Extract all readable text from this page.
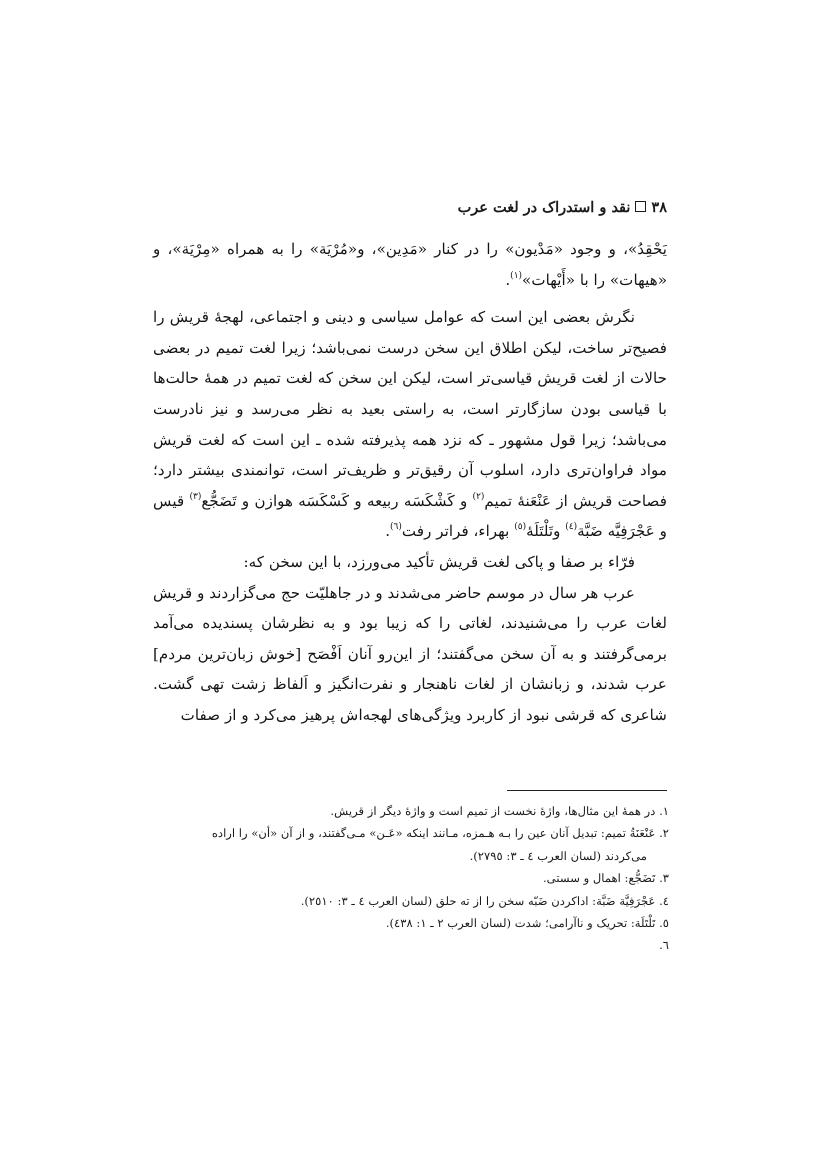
۳۸نقد و استدراک در لغت عرب

يَحْقِدُ»، و وجود «مَدْيون» را در کنار «مَدِين»، و«مُرْيَة» را به همراه «مِرْيَة»، و «هيهات» را با «أَيْهات»$^{(١)}$.

نگرش بعضی این است که عوامل سیاسی و دینی و اجتماعی، لهجهٔ قریش را فصیح‌تر ساخت، لیکن اطلاق این سخن درست نمی‌باشد؛ زیرا لغت تمیم در بعضی حالات از لغت قریش قیاسی‌تر است، لیکن این سخن که لغت تمیم در همهٔ حالت‌ها با قیاسی بودن سازگارتر است، به راستی بعید به نظر می‌رسد و نیز نادرست می‌باشد؛ زیرا قول مشهور ـ که نزد همه پذیرفته شده ـ این است که لغت قریش مواد فراوان‌تری دارد، اسلوب آن رقیق‌تر و ظریف‌تر است، توانمندی بیشتر دارد؛ فصاحت قریش از عَنْعَنهٔ تمیم$^{(٢)}$ و کَشْکَسَه ربیعه و کَسْکَسَه هوازن و تَضَجُّع$^{(٣)}$ قیس و عَجْرَفِيَّه ضَبَّة$^{(٤)}$ وتَلْتَلَهٔ$^{(٥)}$ بهراء، فراتر رفت$^{(٦)}$.

فرّاء بر صفا و پاکی لغت قریش تأکید می‌ورزد، با این سخن که:

عرب هر سال در موسم حاضر می‌شدند و در جاهلیّت حج می‌گزاردند و قریش لغات عرب را می‌شنیدند، لغاتی را که زیبا بود و به نظرشان پسندیده می‌آمد برمی‌گرفتند و به آن سخن می‌گفتند؛ از این‌رو آنان اَفْصَح [خوش زبان‌ترین مردم] عرب شدند، و زبانشان از لغات ناهنجار و نفرت‌انگیز و اَلفاظ زشت تهی گشت. شاعری که قرشی نبود از کاربرد ویژگی‌های لهجه‌اش پرهیز می‌کرد و از صفات

١. در همهٔ این مثال‌ها، واژهٔ نخست از تمیم است و واژهٔ دیگر از قریش.

٢. عَنْعَنَةُ تمیم: تبدیل آنان عین را بـه هـمزه، مـانند اینکه «عَـن» مـی‌گفتند، و از آن «أن» را اراده

می‌کردند (لسان العرب ٤ ـ ٣: ٢٧٩٥).

٣. تَضَجُّع: اهمال و سستی.

٤. عَجْرَفِيَّة ضَبَّة: اداکردن ضَبّه سخن را از ته حلق (لسان العرب ٤ ـ ٣: ٢٥١٠).

٥. تَلْتَلَة: تحریک و ناآرامی؛ شدت (لسان العرب ٢ ـ ١: ٤٣٨).

٦.
